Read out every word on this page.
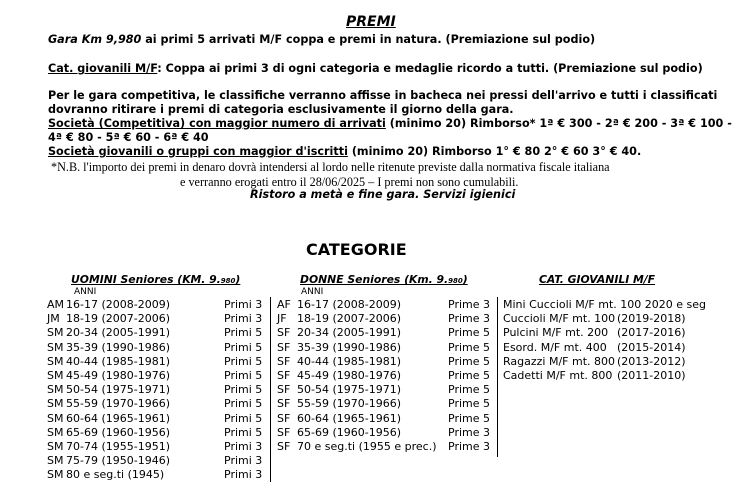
PREMI
Gara Km 9,980 ai primi 5 arrivati M/F coppa e premi in natura. (Premiazione sul podio)
Cat. giovanili M/F: Coppa ai primi 3 di ogni categoria e medaglie ricordo a tutti. (Premiazione sul podio)
Per le gara competitiva, le classifiche verranno affisse in bacheca nei pressi dell'arrivo e tutti i classificati
dovranno ritirare i premi di categoria esclusivamente il giorno della gara.
Società (Competitiva) con maggior numero di arrivati (minimo 20) Rimborso* 1ª € 300 - 2ª € 200 - 3ª € 100 -
4ª € 80 - 5ª € 60 - 6ª € 40
Società giovanili o gruppi con maggior d'iscritti (minimo 20) Rimborso 1° € 80 2° € 60 3° € 40.
*N.B. l'importo dei premi in denaro dovrà intendersi al lordo nelle ritenute previste dalla normativa fiscale italiana
e verranno erogati entro il 28/06/2025 – I premi non sono cumulabili.
Ristoro a metà e fine gara. Servizi igienici
CATEGORIE
UOMINI Seniores (KM. 9.980)	DONNE Seniores (Km. 9.980)	CAT. GIOVANILI M/F
ANNI	ANNI
AM 16-17 (2008-2009)	Primi 3
JM 18-19 (2007-2006)	Primi 3
SM 20-34 (2005-1991)	Primi 5
SM 35-39 (1990-1986)	Primi 5
SM 40-44 (1985-1981)	Primi 5
SM 45-49 (1980-1976)	Primi 5
SM 50-54 (1975-1971)	Primi 5
SM 55-59 (1970-1966)	Primi 5
SM 60-64 (1965-1961)	Primi 5
SM 65-69 (1960-1956)	Primi 5
SM 70-74 (1955-1951)	Primi 3
SM 75-79 (1950-1946)	Primi 3
SM 80 e seg.ti (1945)	Primi 3
AF 16-17 (2008-2009)	Prime 3
JF 18-19 (2007-2006)	Prime 3
SF 20-34 (2005-1991)	Prime 5
SF 35-39 (1990-1986)	Prime 5
SF 40-44 (1985-1981)	Prime 5
SF 45-49 (1980-1976)	Prime 5
SF 50-54 (1975-1971)	Prime 5
SF 55-59 (1970-1966)	Prime 5
SF 60-64 (1965-1961)	Prime 5
SF 65-69 (1960-1956)	Prime 3
SF 70 e seg.ti (1955 e prec.) Prime 3
Mini Cuccioli M/F mt. 100 2020 e seg
Cuccioli M/F mt. 100 (2019-2018)
Pulcini M/F mt. 200 (2017-2016)
Esord. M/F mt. 400 (2015-2014)
Ragazzi M/F mt. 800 (2013-2012)
Cadetti M/F mt. 800 (2011-2010)
